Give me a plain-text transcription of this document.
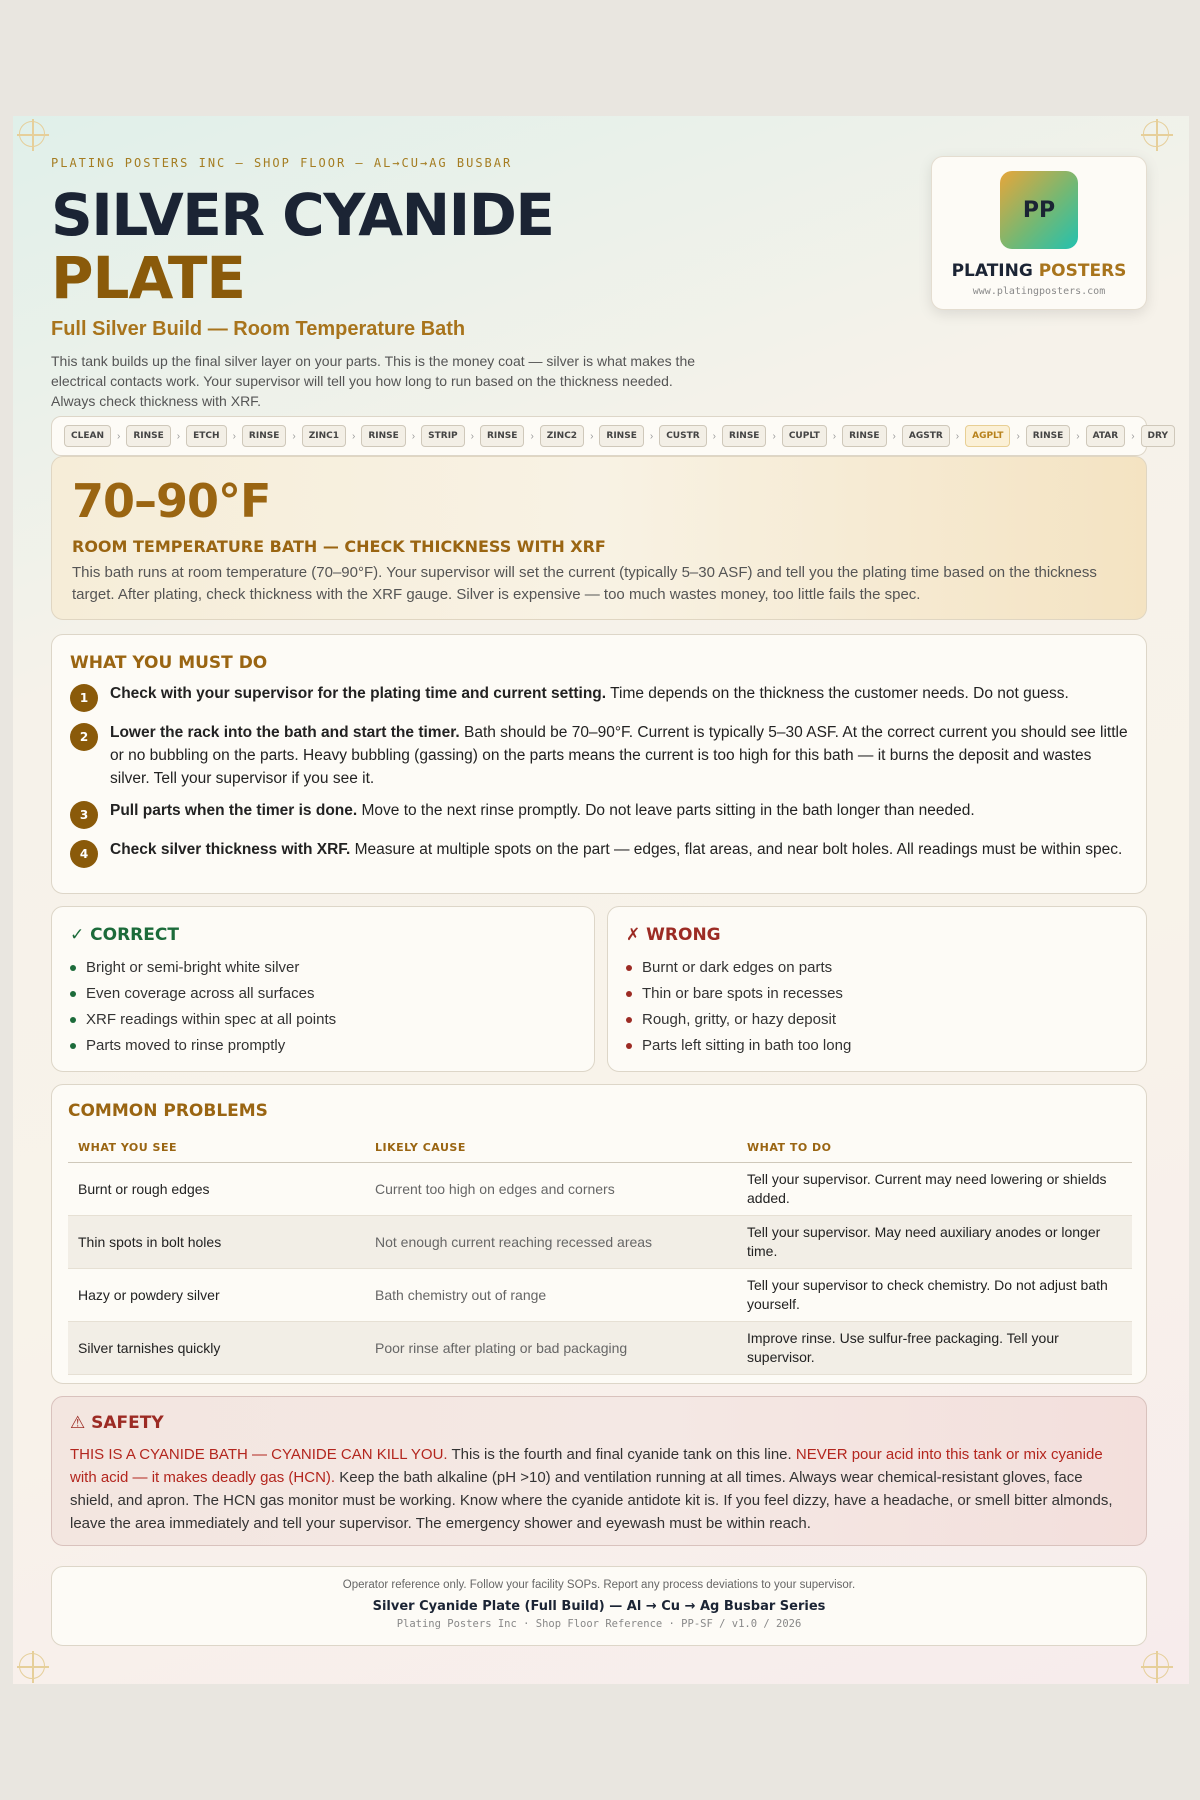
PLATING POSTERS INC — SHOP FLOOR — AL→CU→AG BUSBAR
SILVER CYANIDE
PLATE
Full Silver Build — Room Temperature Bath
This tank builds up the final silver layer on your parts. This is the money coat — silver is what makes the electrical contacts work. Your supervisor will tell you how long to run based on the thickness needed. Always check thickness with XRF.
PP
PLATING POSTERS
www.platingposters.com
CLEAN	›	RINSE	›	ETCH	›	RINSE	›	ZINC1	›	RINSE	›	STRIP	›	RINSE	›	ZINC2	›	RINSE	›	CUSTR	›	RINSE	›	CUPLT	›	RINSE	›	AGSTR	›	AGPLT	›	RINSE	›	ATAR	›	DRY
70–90°F
ROOM TEMPERATURE BATH — CHECK THICKNESS WITH XRF
This bath runs at room temperature (70–90°F). Your supervisor will set the current (typically 5–30 ASF) and tell you the plating time based on the thickness target. After plating, check thickness with the XRF gauge. Silver is expensive — too much wastes money, too little fails the spec.
WHAT YOU MUST DO
1	Check with your supervisor for the plating time and current setting. Time depends on the thickness the customer needs. Do not guess.
2	Lower the rack into the bath and start the timer. Bath should be 70–90°F. Current is typically 5–30 ASF. At the correct current you should see little or no bubbling on the parts. Heavy bubbling (gassing) on the parts means the current is too high for this bath — it burns the deposit and wastes silver. Tell your supervisor if you see it.
3	Pull parts when the timer is done. Move to the next rinse promptly. Do not leave parts sitting in the bath longer than needed.
4	Check silver thickness with XRF. Measure at multiple spots on the part — edges, flat areas, and near bolt holes. All readings must be within spec.
✓ CORRECT
Bright or semi-bright white silver
Even coverage across all surfaces
XRF readings within spec at all points
Parts moved to rinse promptly
✗ WRONG
Burnt or dark edges on parts
Thin or bare spots in recesses
Rough, gritty, or hazy deposit
Parts left sitting in bath too long
COMMON PROBLEMS
WHAT YOU SEE	LIKELY CAUSE	WHAT TO DO
Burnt or rough edges	Current too high on edges and corners	Tell your supervisor. Current may need lowering or shields added.
Thin spots in bolt holes	Not enough current reaching recessed areas	Tell your supervisor. May need auxiliary anodes or longer time.
Hazy or powdery silver	Bath chemistry out of range	Tell your supervisor to check chemistry. Do not adjust bath yourself.
Silver tarnishes quickly	Poor rinse after plating or bad packaging	Improve rinse. Use sulfur-free packaging. Tell your supervisor.
⚠ SAFETY
THIS IS A CYANIDE BATH — CYANIDE CAN KILL YOU. This is the fourth and final cyanide tank on this line. NEVER pour acid into this tank or mix cyanide with acid — it makes deadly gas (HCN). Keep the bath alkaline (pH >10) and ventilation running at all times. Always wear chemical-resistant gloves, face shield, and apron. The HCN gas monitor must be working. Know where the cyanide antidote kit is. If you feel dizzy, have a headache, or smell bitter almonds, leave the area immediately and tell your supervisor. The emergency shower and eyewash must be within reach.
Operator reference only. Follow your facility SOPs. Report any process deviations to your supervisor.
Silver Cyanide Plate (Full Build) — Al → Cu → Ag Busbar Series
Plating Posters Inc · Shop Floor Reference · PP-SF / v1.0 / 2026
